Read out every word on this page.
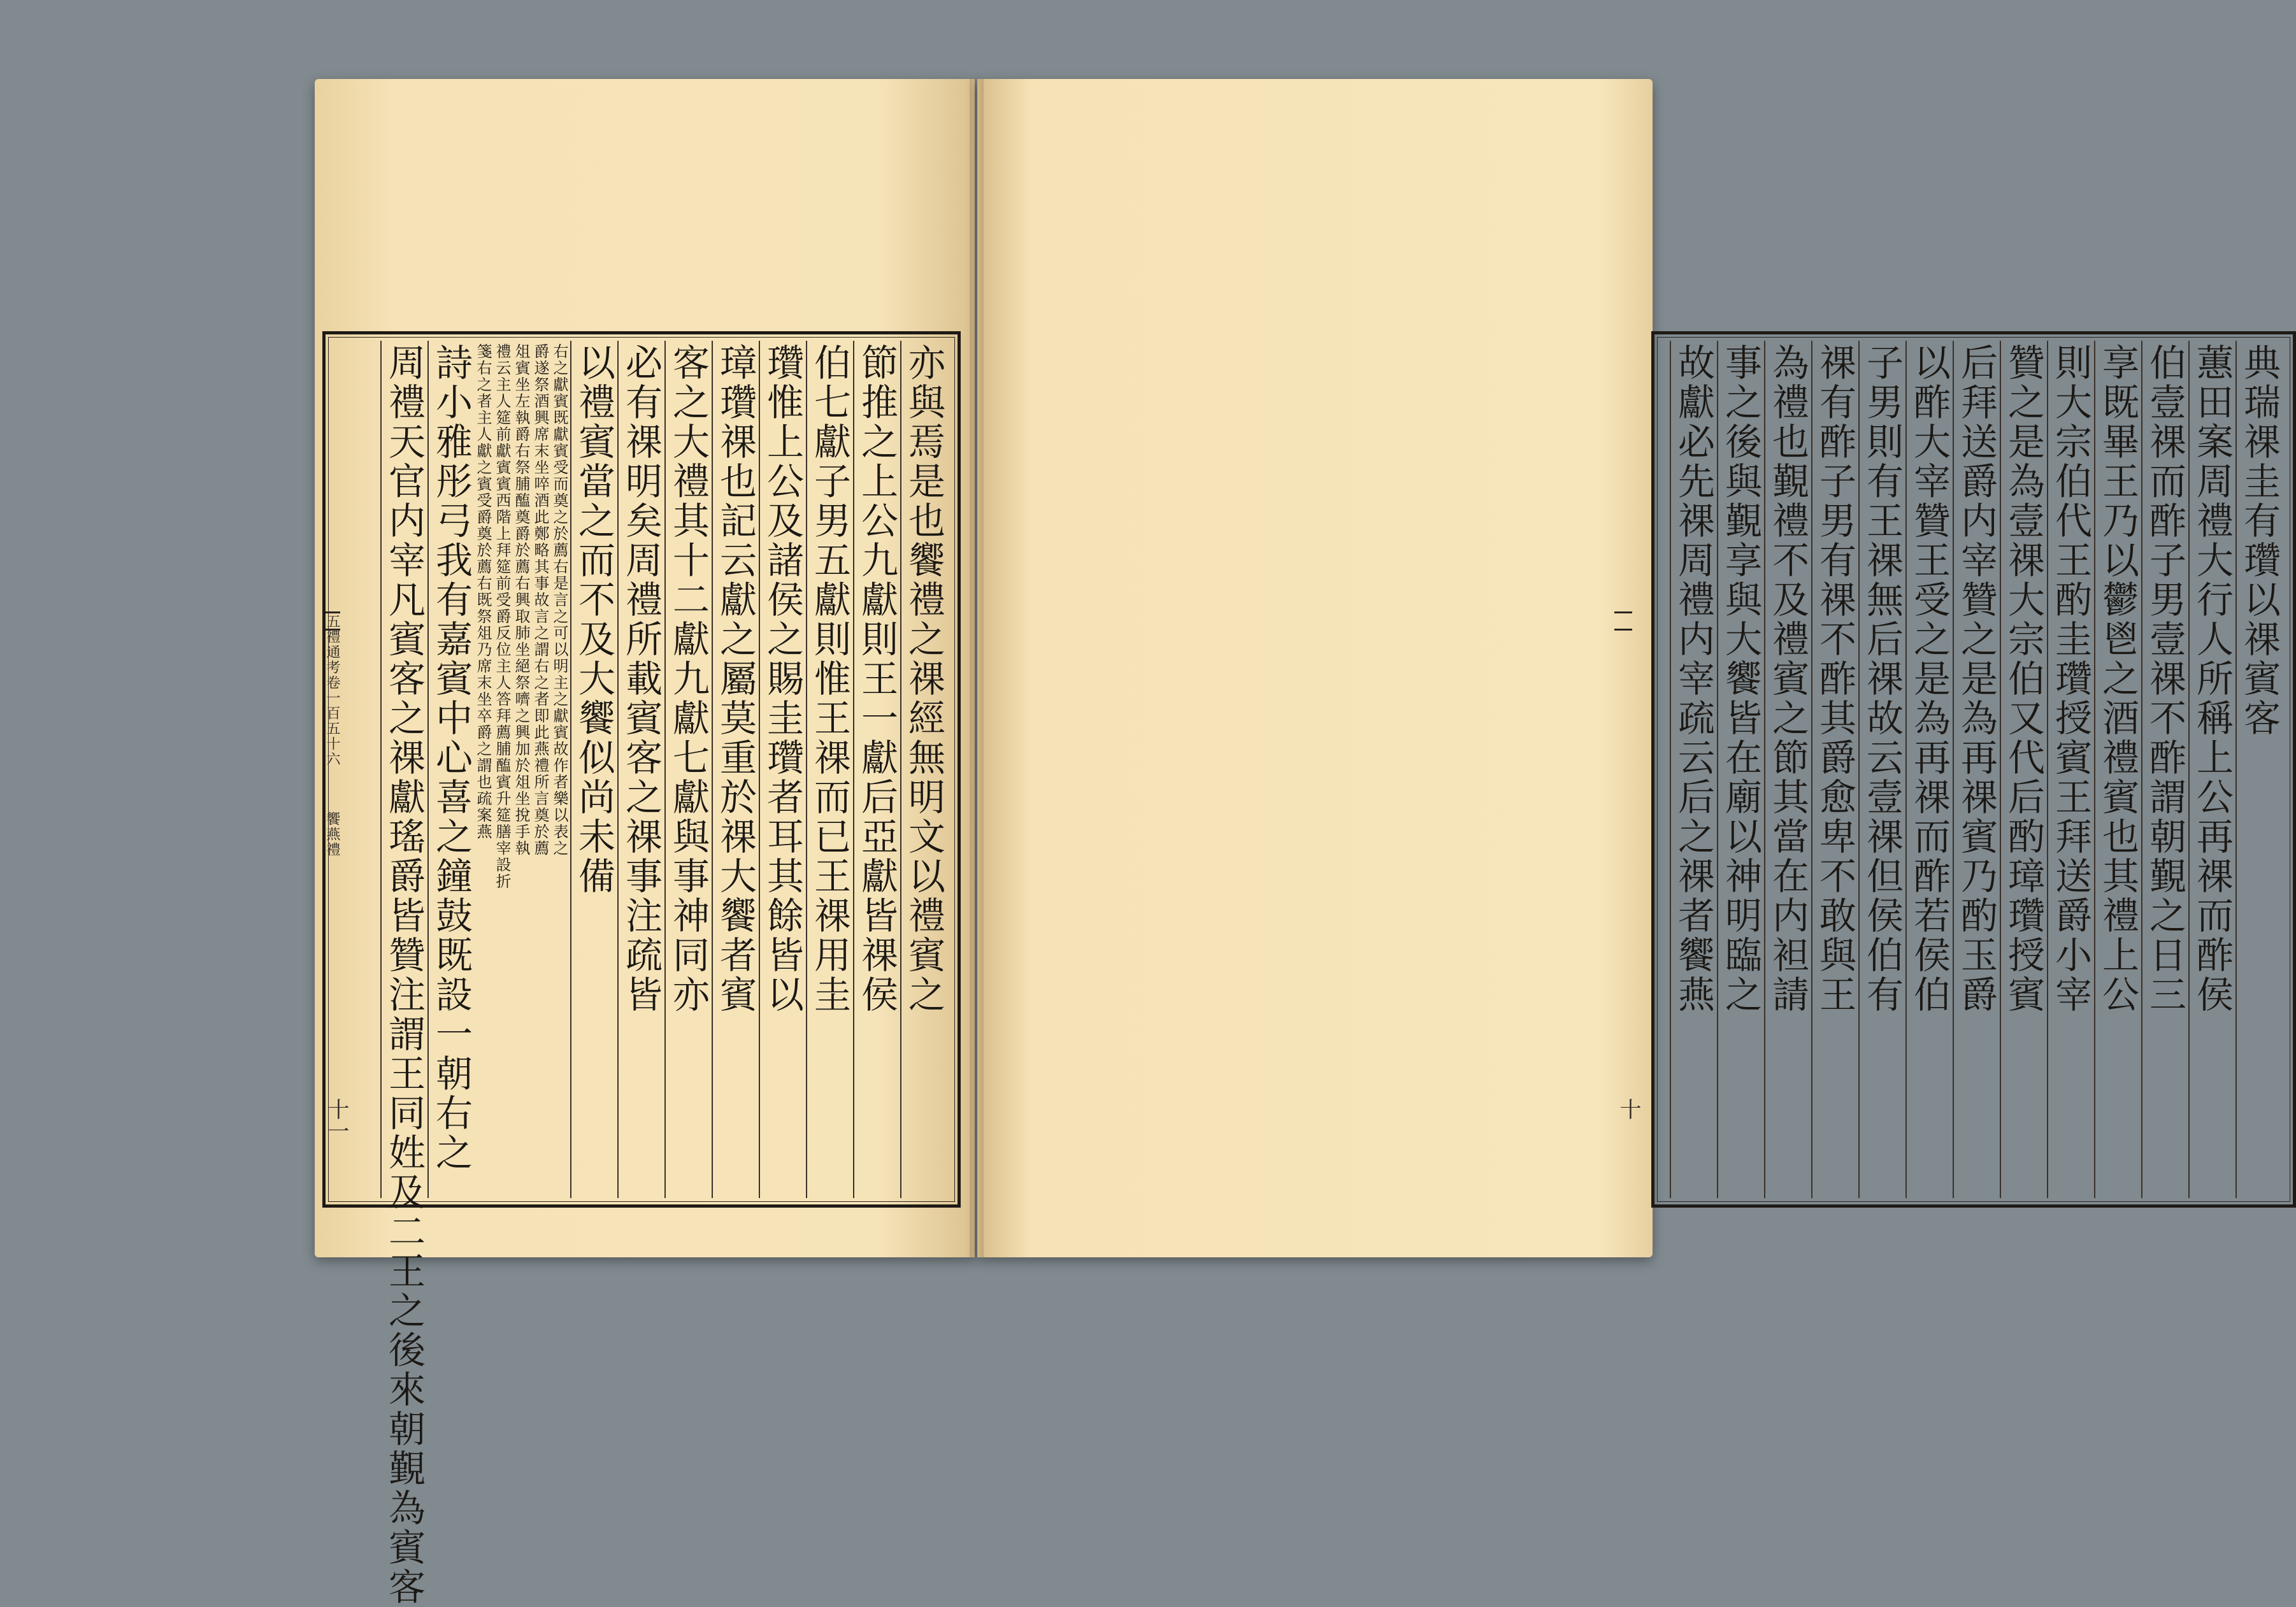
五禮通考卷一百五十六
饗燕禮
十一
亦與焉是也饗禮之祼經無明文以禮賓之
節推之上公九獻則王一獻后亞獻皆祼侯
伯七獻子男五獻則惟王祼而已王祼用圭
瓚惟上公及諸侯之賜圭瓚者耳其餘皆以
璋瓚祼也記云獻之屬莫重於祼大饗者賓
客之大禮其十二獻九獻七獻與事神同亦
必有祼明矣周禮所載賓客之祼事注疏皆
以禮賓當之而不及大饗似尚未備
右之獻賓既獻賓受而奠之於薦右是言之可以明主之獻賓故作者樂以表之
爵遂祭酒興席末坐啐酒此鄭略其事故言之謂右之者即此燕禮所言奠於薦
俎賓坐左執爵右祭脯醢奠爵於薦右興取肺坐絕祭嚌之興加於俎坐挩手執
禮云主人筵前獻賓賓西階上拜筵前受爵反位主人答拜薦脯醢賓升筵膳宰設折
箋右之者主人獻之賓受爵奠於薦右既祭俎乃席末坐卒爵之謂也疏案燕
詩小雅彤弓我有嘉賓中心喜之鐘鼓既設一朝右之
周禮天官内宰凡賓客之祼獻瑤爵皆贊注謂王同姓及二王之後來朝覲為賓客	典瑞祼圭有瓚以祼賓客
蕙田案周禮大行人所稱上公再祼而酢侯
伯壹祼而酢子男壹祼不酢謂朝覲之日三
享既畢王乃以鬱鬯之酒禮賓也其禮上公
則大宗伯代王酌圭瓚授賓王拜送爵小宰
贊之是為壹祼大宗伯又代后酌璋瓚授賓
后拜送爵内宰贊之是為再祼賓乃酌玉爵
以酢大宰贊王受之是為再祼而酢若侯伯
子男則有王祼無后祼故云壹祼但侯伯有
祼有酢子男有祼不酢其爵愈卑不敢與王
為禮也覲禮不及禮賓之節其當在内袒請
事之後與覲享與大饗皆在廟以神明臨之
故獻必先祼周禮内宰疏云后之祼者饗燕
十
